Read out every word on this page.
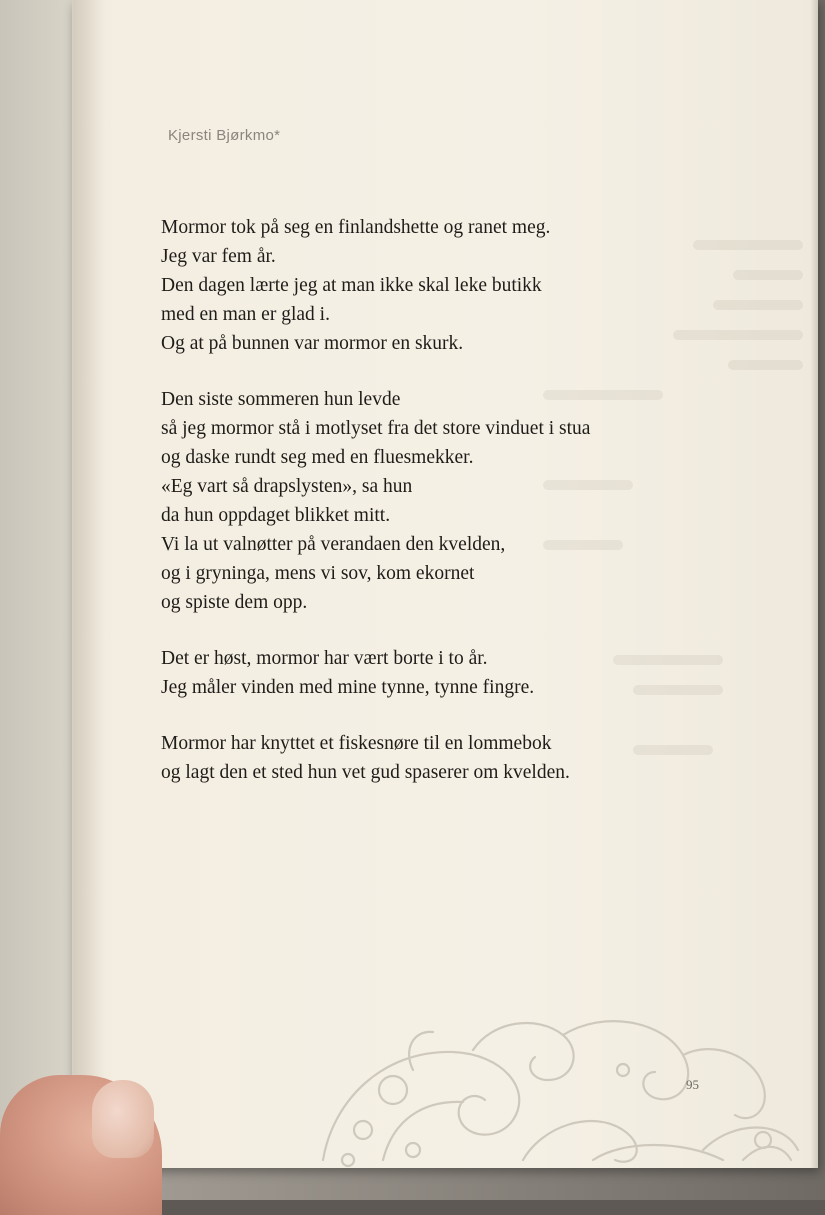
Kjersti Bjørkmo*
Mormor tok på seg en finlandshette og ranet meg.
Jeg var fem år.
Den dagen lærte jeg at man ikke skal leke butikk
med en man er glad i.
Og at på bunnen var mormor en skurk.
Den siste sommeren hun levde
så jeg mormor stå i motlyset fra det store vinduet i stua
og daske rundt seg med en fluesmekker.
«Eg vart så drapslysten», sa hun
da hun oppdaget blikket mitt.
Vi la ut valnøtter på verandaen den kvelden,
og i gryninga, mens vi sov, kom ekornet
og spiste dem opp.
Det er høst, mormor har vært borte i to år.
Jeg måler vinden med mine tynne, tynne fingre.
Mormor har knyttet et fiskesnøre til en lommebok
og lagt den et sted hun vet gud spaserer om kvelden.
95
